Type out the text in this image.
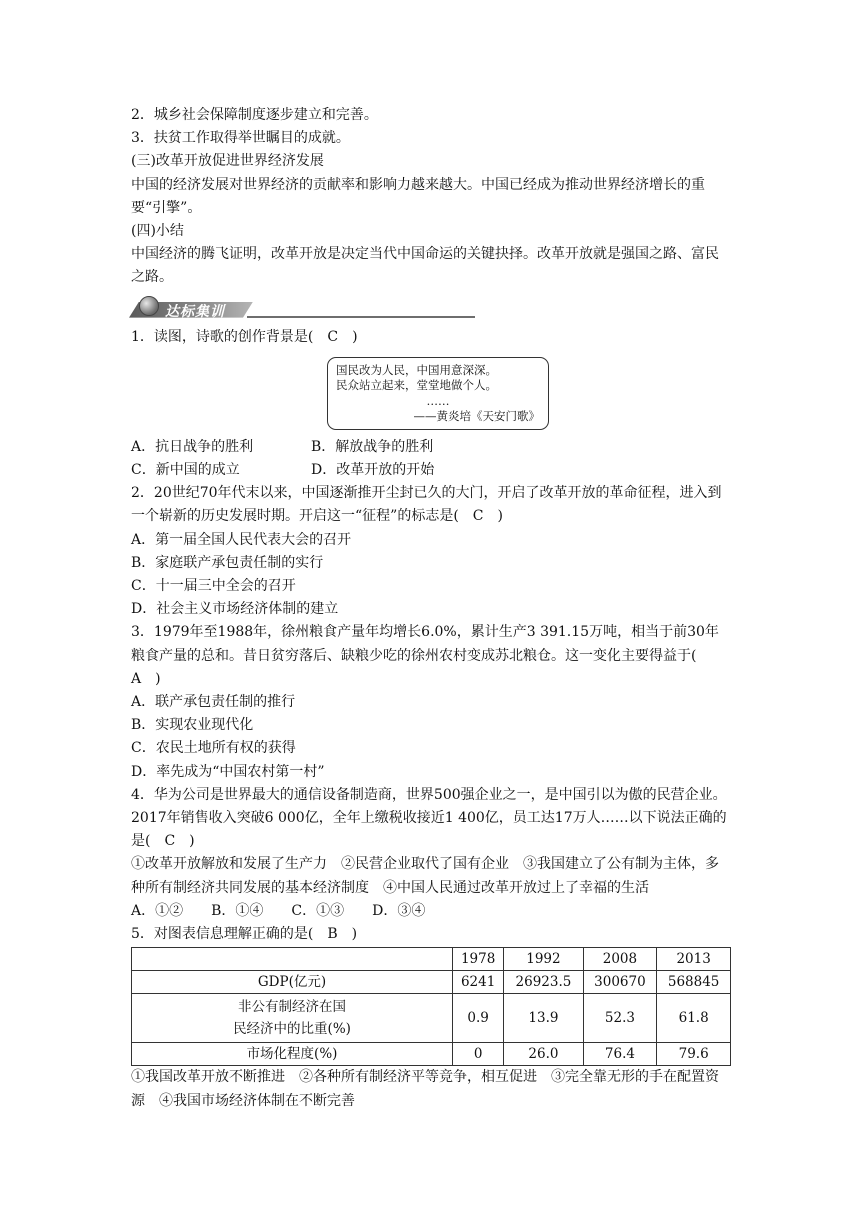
2．城乡社会保障制度逐步建立和完善。

3．扶贫工作取得举世瞩目的成就。

(三)改革开放促进世界经济发展

中国的经济发展对世界经济的贡献率和影响力越来越大。中国已经成为推动世界经济增长的重要“引擎”。

(四)小结

中国经济的腾飞证明，改革开放是决定当代中国命运的关键抉择。改革开放就是强国之路、富民之路。

达标集训

1．读图，诗歌的创作背景是(　C　)

国民改为人民，中国用意深深。
民众站立起来，堂堂地做个人。
……
——黄炎培《天安门歌》
A．抗日战争的胜利	B．解放战争的胜利
C．新中国的成立	D．改革开放的开始

2．20世纪70年代末以来，中国逐渐推开尘封已久的大门，开启了改革开放的革命征程，进入到一个崭新的历史发展时期。开启这一“征程”的标志是(　C　)

A．第一届全国人民代表大会的召开

B．家庭联产承包责任制的实行

C．十一届三中全会的召开

D．社会主义市场经济体制的建立

3．1979年至1988年，徐州粮食产量年均增长6.0%，累计生产3 391.15万吨，相当于前30年粮食产量的总和。昔日贫穷落后、缺粮少吃的徐州农村变成苏北粮仓。这一变化主要得益于(　A　)

A．联产承包责任制的推行

B．实现农业现代化

C．农民土地所有权的获得

D．率先成为“中国农村第一村”

4．华为公司是世界最大的通信设备制造商，世界500强企业之一，是中国引以为傲的民营企业。2017年销售收入突破6 000亿，全年上缴税收接近1 400亿，员工达17万人……以下说法正确的是(　C　)

①改革开放解放和发展了生产力　②民营企业取代了国有企业　③我国建立了公有制为主体，多种所有制经济共同发展的基本经济制度　④中国人民通过改革开放过上了幸福的生活

A．①②　　B．①④　　C．①③　　D．③④

5．对图表信息理解正确的是(　B　)

	1978	1992	2008	2013
GDP(亿元)	6241	26923.5	300670	568845

非公有制经济在国
民经济中的比重(%)	0.9	13.9	52.3	61.8
市场化程度(%)	0	26.0	76.4	79.6

①我国改革开放不断推进　②各种所有制经济平等竞争，相互促进　③完全靠无形的手在配置资源　④我国市场经济体制在不断完善
